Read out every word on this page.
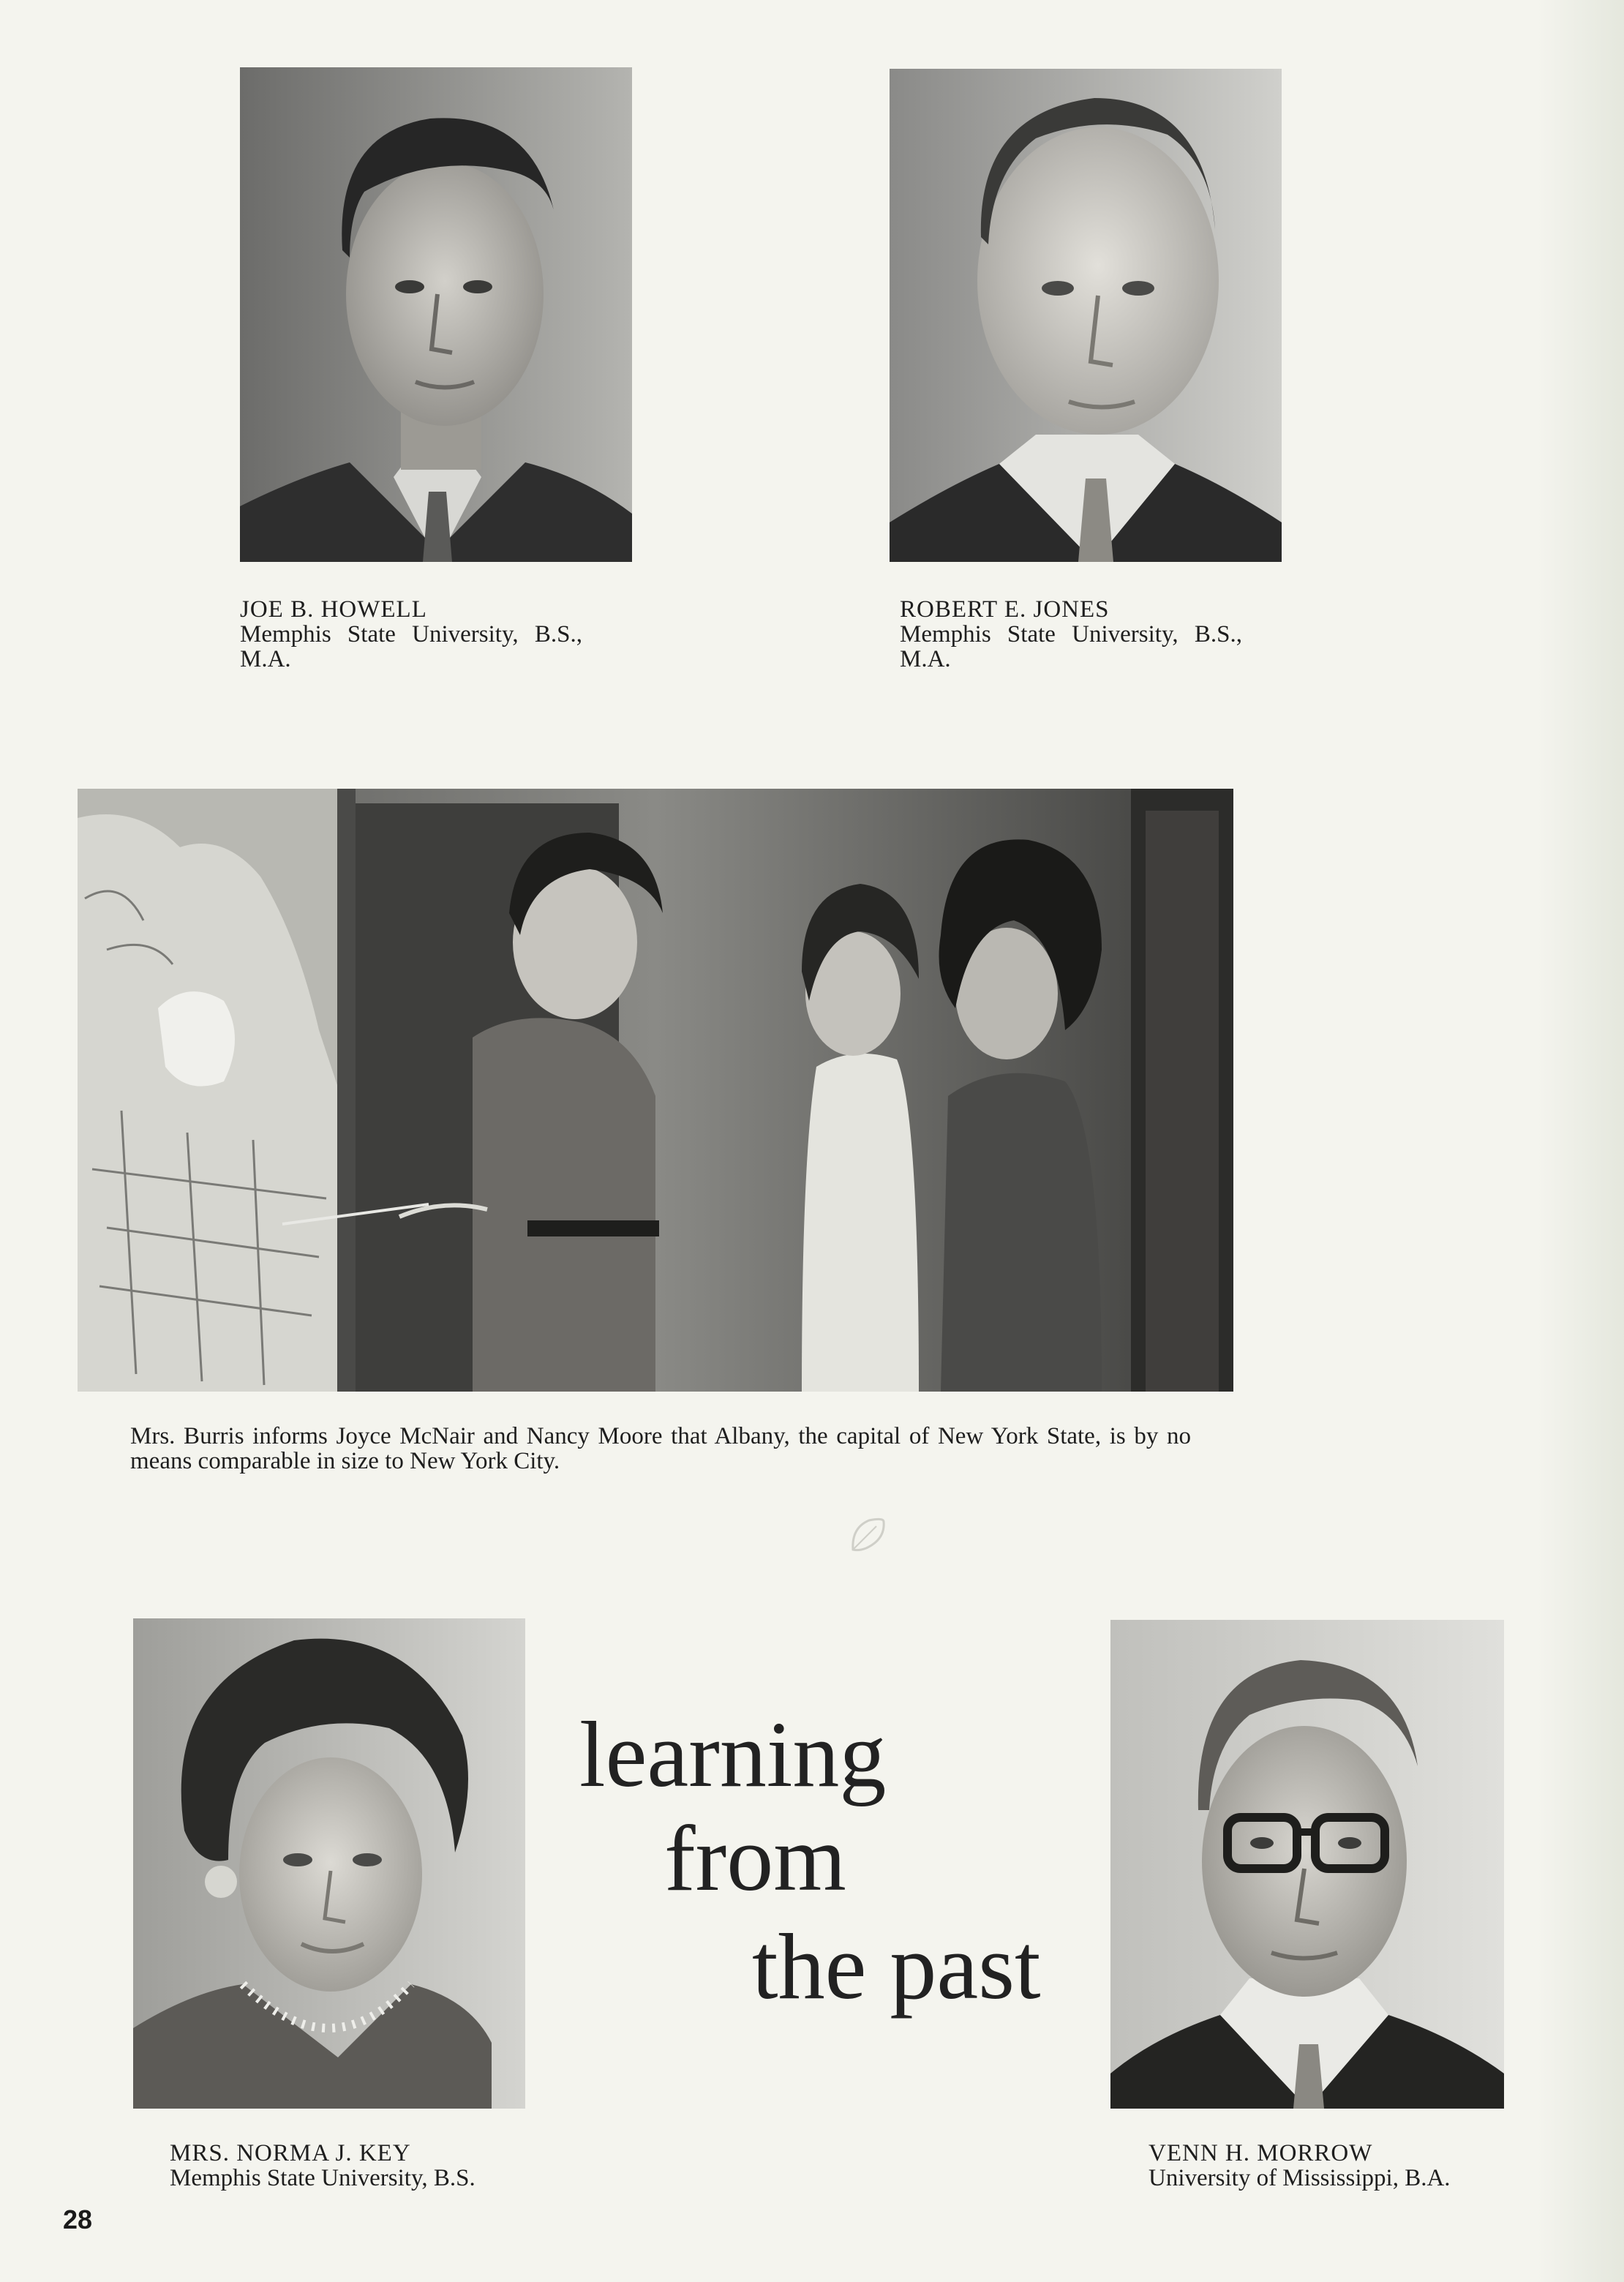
JOE B. HOWELL
Memphis State University, B.S.,
M.A.
ROBERT E. JONES
Memphis State University, B.S.,
M.A.
Mrs. Burris informs Joyce McNair and Nancy Moore that Albany, the capital of New York State, is by no means comparable in size to New York City.
learning
from
the past
MRS. NORMA J. KEY
Memphis State University, B.S.
VENN H. MORROW
University of Mississippi, B.A.
28
